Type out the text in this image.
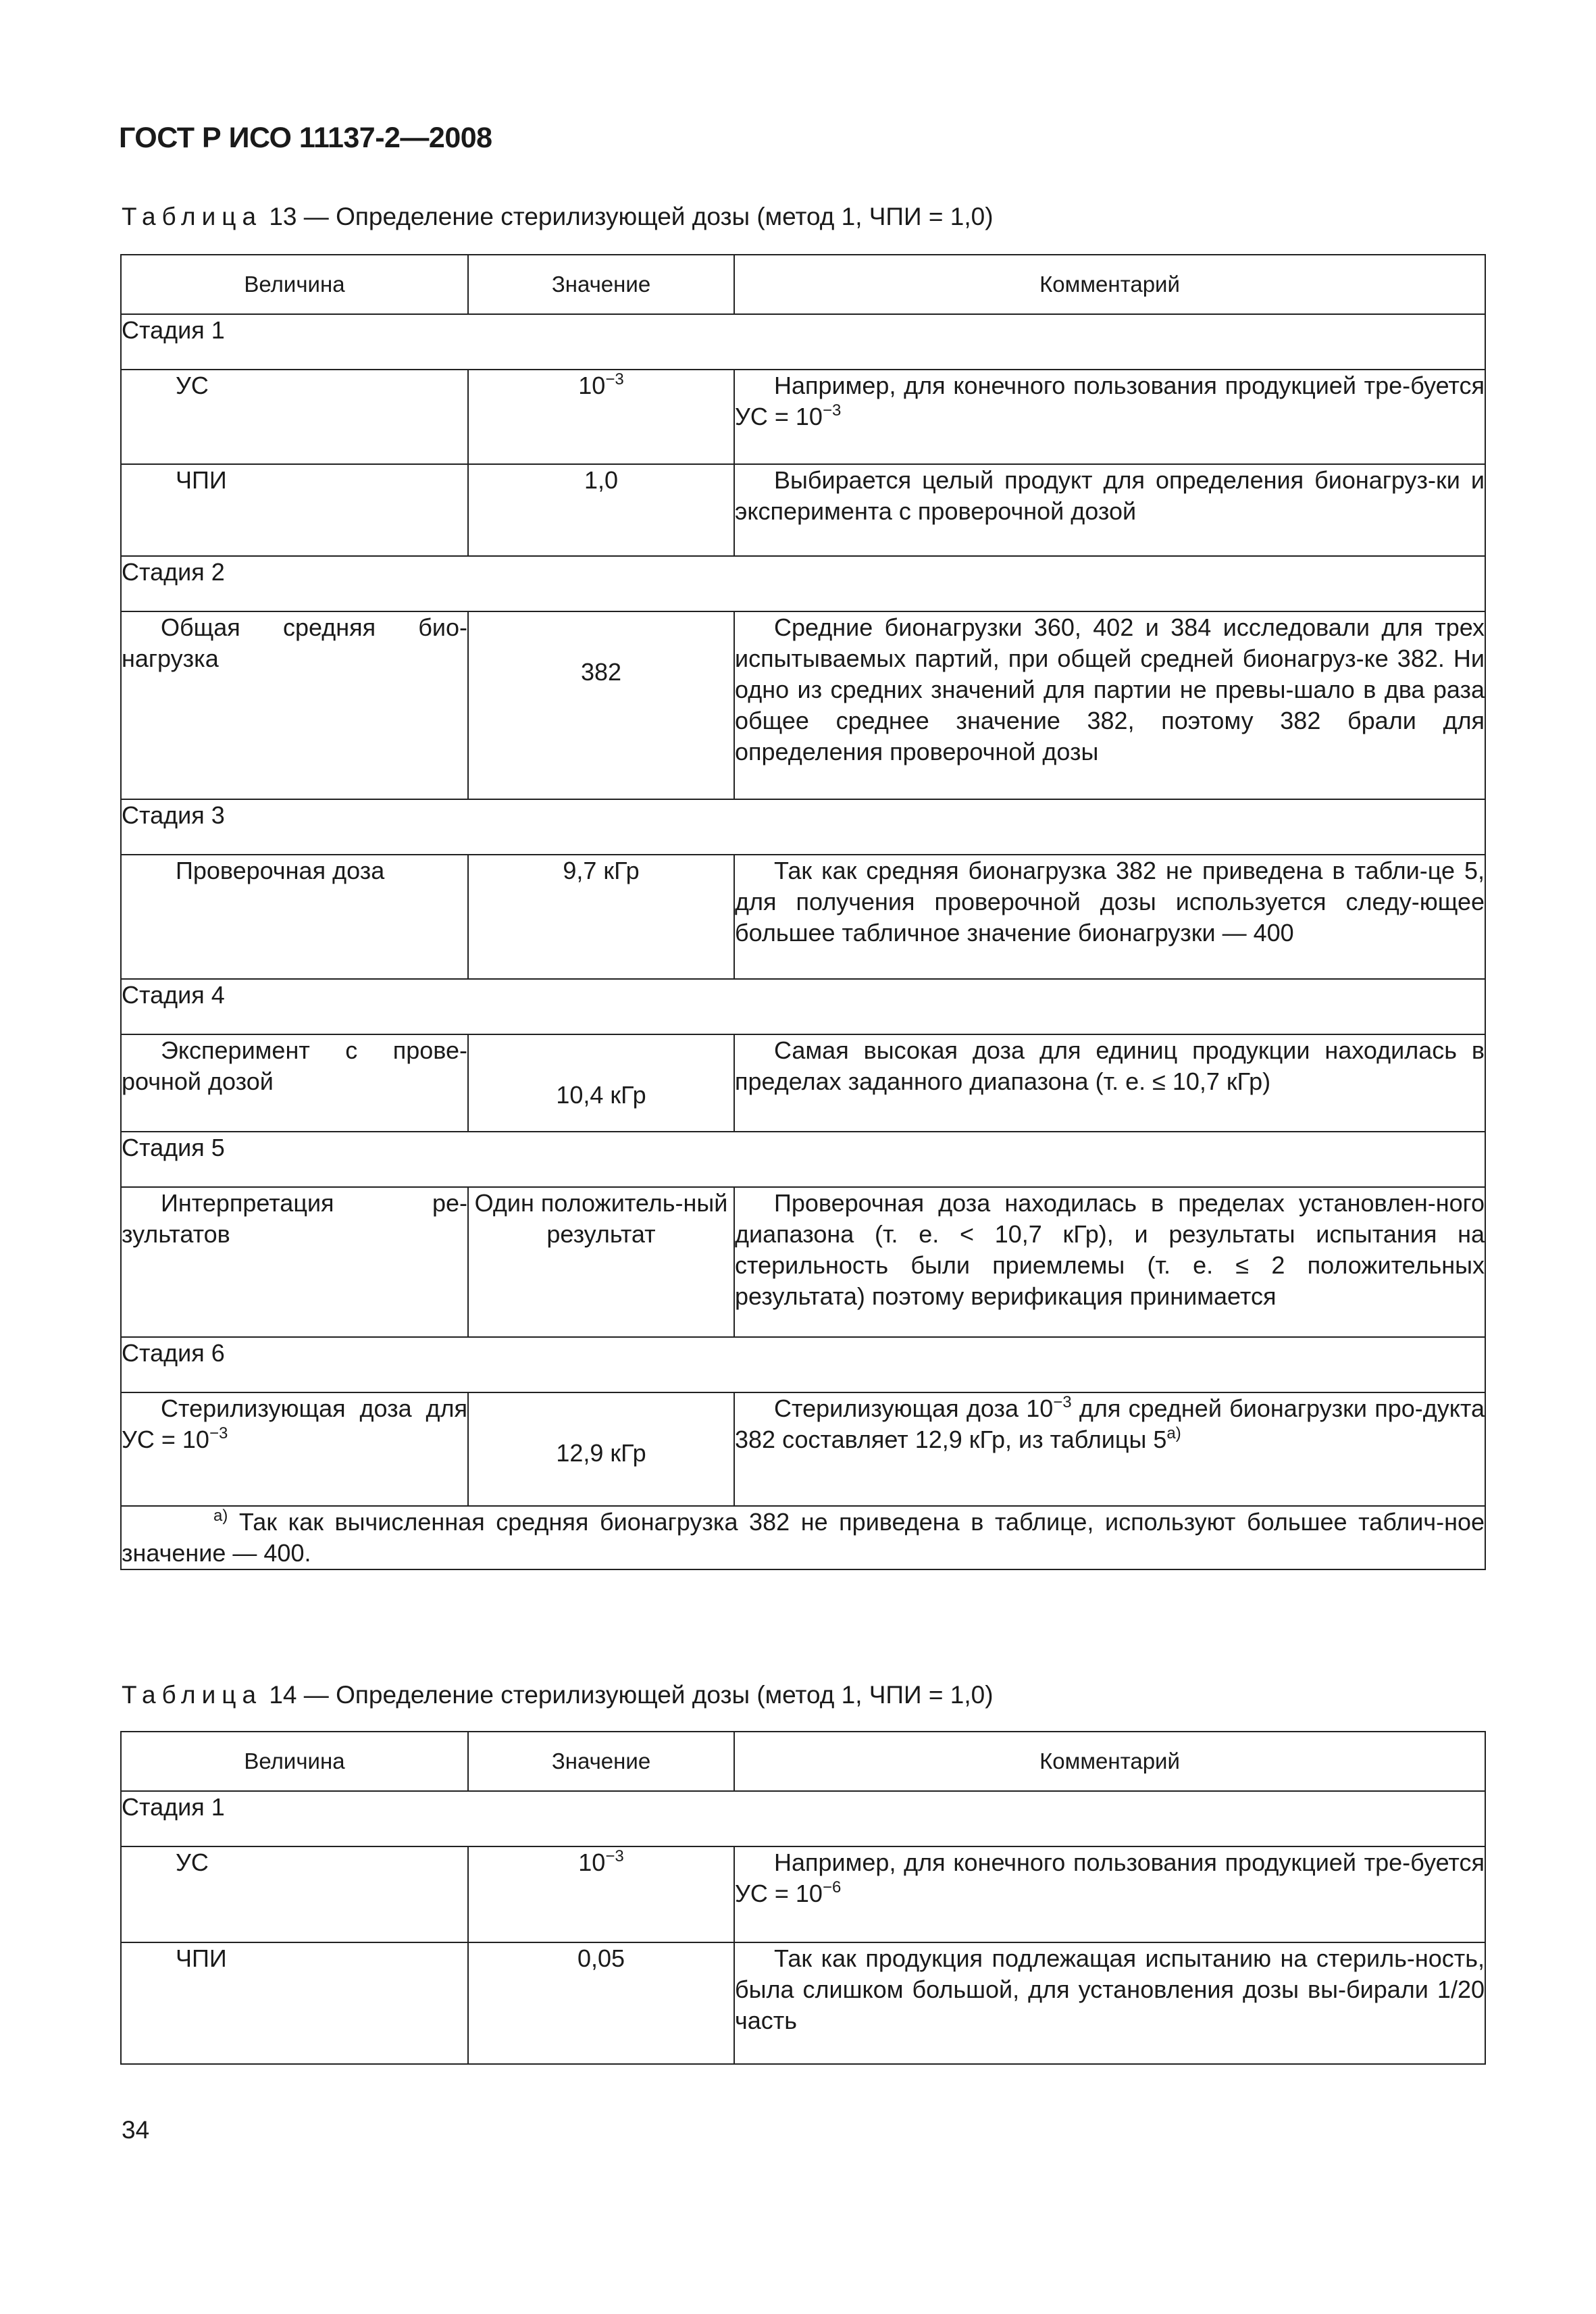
ГОСТ Р ИСО 11137-2—2008
Таблица 13 — Определение стерилизующей дозы (метод 1, ЧПИ = 1,0)
Величина	Значение	Комментарий
Стадия 1		
УС	$10^{-3}$	Например, для конечного пользования продукцией тре-буется УС = $10^{-3}$
ЧПИ	1,0	Выбирается целый продукт для определения бионагруз-ки и эксперимента с проверочной дозой
Стадия 2		
Общая средняя био-нагрузка	382	Средние бионагрузки 360, 402 и 384 исследовали для трех испытываемых партий, при общей средней бионагруз-ке 382. Ни одно из средних значений для партии не превы-шало в два раза общее среднее значение 382, поэтому 382 брали для определения проверочной дозы
Стадия 3		
Проверочная доза	9,7 кГр	Так как средняя бионагрузка 382 не приведена в табли-це 5, для получения проверочной дозы используется следу-ющее большее табличное значение бионагрузки — 400
Стадия 4		
Эксперимент с прове-рочной дозой	10,4 кГр	Самая высокая доза для единиц продукции находилась в пределах заданного диапазона (т. е. ≤ 10,7 кГр)
Стадия 5		
Интерпретация ре-зультатов	Один положитель-ный результат	Проверочная доза находилась в пределах установлен-ного диапазона (т. е. < 10,7 кГр), и результаты испытания на стерильность были приемлемы (т. е. ≤ 2 положительных результата) поэтому верификация принимается
Стадия 6		
Стерилизующая доза для УС = $10^{-3}$	12,9 кГр	Стерилизующая доза $10^{-3}$ для средней бионагрузки про-дукта 382 составляет 12,9 кГр, из таблицы $5^{а)}$
$^{а)}$ Так как вычисленная средняя бионагрузка 382 не приведена в таблице, используют большее таблич-ное значение — 400.		
Таблица 14 — Определение стерилизующей дозы (метод 1, ЧПИ = 1,0)
Величина	Значение	Комментарий
Стадия 1		
УС	$10^{-3}$	Например, для конечного пользования продукцией тре-буется УС = $10^{-6}$
ЧПИ	0,05	Так как продукция подлежащая испытанию на стериль-ность, была слишком большой, для установления дозы вы-бирали 1/20 часть
34
